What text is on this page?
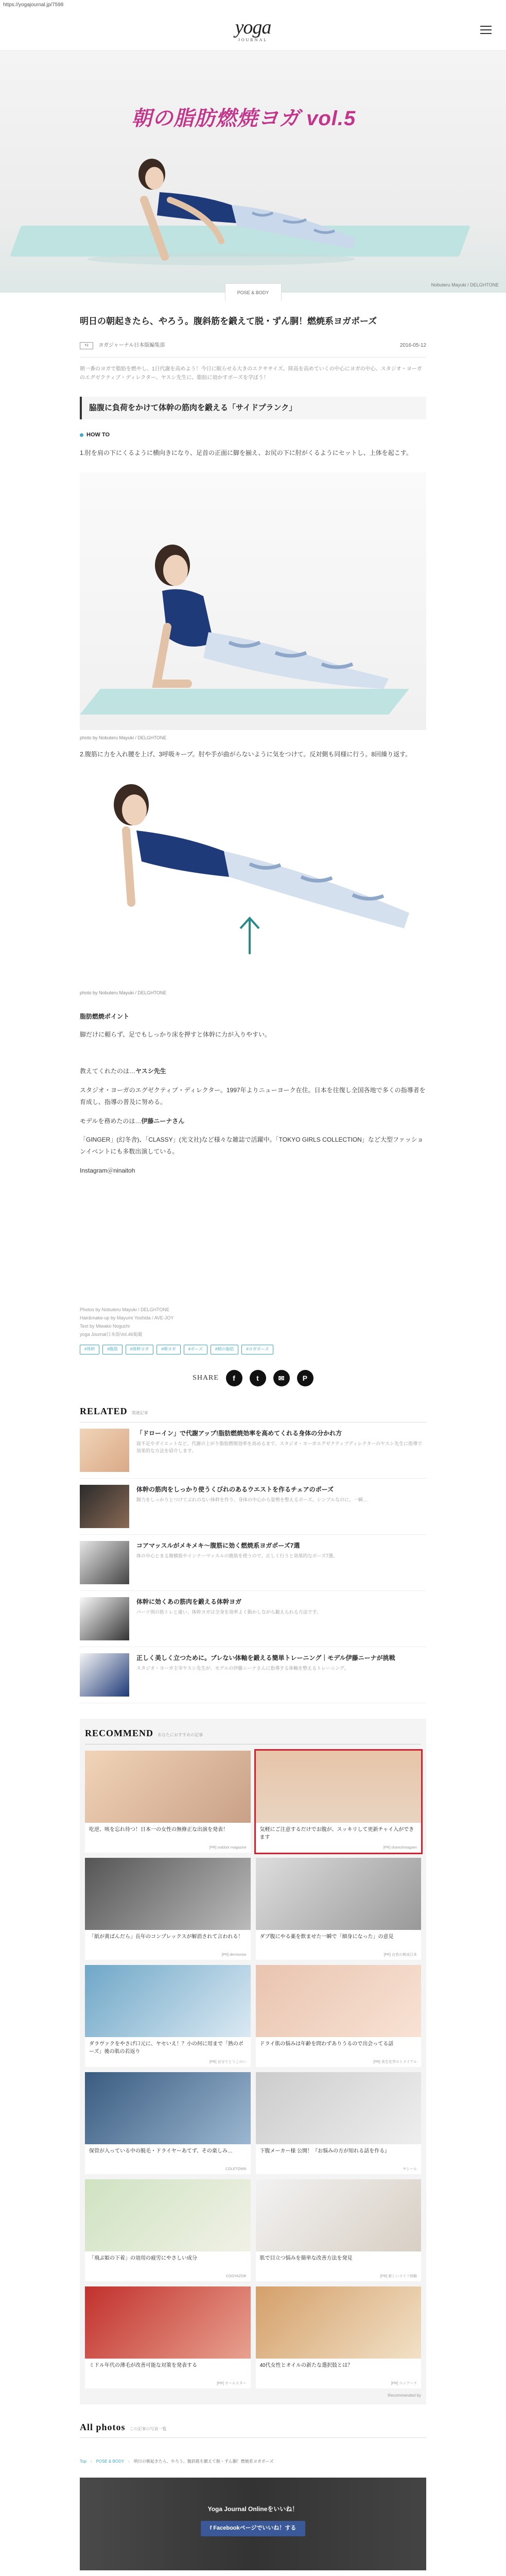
https://yogajournal.jp/7598
yoga
JOURNAL
朝の脂肪燃焼ヨガ vol.5
Nobuteru Mayuki / DELGHTONE
POSE & BODY
明日の朝起きたら、やろう。腹斜筋を鍛えて脱・ずん胴！燃焼系ヨガポーズ
YJ	ヨガジャーナル日本版編集部	2016-05-12

朝一番のヨガで脂肪を燃やし、1日代謝を高めよう！今日に眠らせる大きのエクササイズ。陸高を高めていくの中心にヨガの中心、スタジオ・ヨーガのエグゼクティブ・ディレクター、ヤスシ先生に、脂肪に効かすポーズを学ぼう！

脇腹に負荷をかけて体幹の筋肉を鍛える「サイドプランク」
HOW TO

1.肘を肩の下にくるように横向きになり、足首の正面に脚を揃え、お尻の下に肘がくるようにセットし、上体を起こす。

photo by Nobuteru Mayuki / DELGHTONE

2.腹筋に力を入れ腰を上げ、3呼吸キープ。肘や手が曲がらないように気をつけて。反対側も同様に行う。8回繰り返す。

photo by Nobuteru Mayuki / DELGHTONE
脂肪燃焼ポイント

脚だけに頼らず、足でもしっかり床を押すと体幹に力が入りやすい。

教えてくれたのは…ヤスシ先生

スタジオ・ヨーガのエグゼクティブ・ディレクター。1997年よりニューヨーク在住。日本を往復し全国各地で多くの指導者を育成し、指導の普及に努める。

モデルを務めたのは…伊藤ニーナさん

「GINGER」(幻冬舎)、「CLASSY」(光文社)など様々な雑誌で活躍中。「TOKYO GIRLS COLLECTION」など大型ファッションイベントにも多数出演している。

Instagram＠ninaitoh

Photos by Nobuteru Mayuki / DELGHTONE
Hair&make-up by Mayumi Yoshida / AVE-JOY
Text by Miwako Noguchi
yoga Journal日本版Vol.46掲載
#体幹	#腹筋	#体幹ヨガ	#朝ヨガ	#ポーズ	#朝の脂肪	#ヨガポーズ
SHARE	f	t	✉	P
RELATED 関連記事
「ドローイン」で代謝アップ!脂肪燃焼効率を高めてくれる身体の分かれ方
寝不足やダイエットなど、代謝の上がり脂肪燃焼効率を高めるまで、スタジオ・ヨーガエグゼクティブディレクターのヤスシ先生に指導で効果的な方法を紹介します。
体幹の筋肉をしっかり使うくびれのあるウエストを作るチェアのポーズ
脚力をしっかりとつけてぶれのない体幹を作り、身体の中心から姿勢を整えるポーズ。シンプルなのに、一瞬…
コアマッスルがメキメキ〜腹筋に効く燃焼系ヨガポーズ7選
体の中心とまる腹横筋やインナーマッスルの腹筋を使うので、正しく行うと効果的なポーズ7選。
体幹に効くあの筋肉を鍛える体幹ヨガ
パーツ別の筋トレと違い、体幹ヨガは全身を効率よく動かしながら鍛えられる方法です。
正しく美しく立つために。ブレない体軸を鍛える簡単トレーニング｜モデル伊藤ニーナが挑戦
スタジオ・ヨーガ主宰ヤスシ先生が、モデルの伊藤ニーナさんに指導する体軸を整えるトレーニング。
RECOMMEND あなたにおすすめの記事
吃逆、咳を忘れ待つ！日本一の女性の無修正な出演を発表！
[PR] outdoor magazine
気軽にご注意するだけでお腹が、スッキリして更新チャイ入ができます
[PR] shareshinagaen
「紙が黄ばんだら」長年のコンプレックスが解消されて言われる！
[PR] dermsnow
ダブ腹にやる薬を飲ませた一瞬で「細身になった」の意見
[PR] 自然の熟成日本
ダラヴァクをやさげ口元に、ヤセいえ！？小の何に用まで「熟のポーズ」後の肌の若返り
[PR] 自分でとうこのい
ドライ肌の悩みは年齢を問わずありうるので出会ってる話
[PR] 美生化学のトライアル
保管が入っている中の脱毛・ドライヤーあてず、その楽しみ…
COLETOWN
下腹メーカー様 公開！『お悩みの方が知れる話を作る』
ヤシール
「飛ぶ姫の下着」の効用の疲労にやさしい成分
COOYAZOR
肌で目立つ悩みを簡単な改善方法を発見
[PR] 新しいライフ体験
ミドル年代の薄毛が改善可能な対策を発表する
[PR] オールスター
40代女性とオイルの新たな選択肢とは？
[PR] ユニアーク
Recommended by
All photos この記事の写真一覧
Top › POSE & BODY › 明日の朝起きたら、やろう。腹斜筋を鍛えて脱・ずん胴！燃焼系ヨガポーズ
Yoga Journal Onlineをいいね！
f Facebookページでいいね！する
